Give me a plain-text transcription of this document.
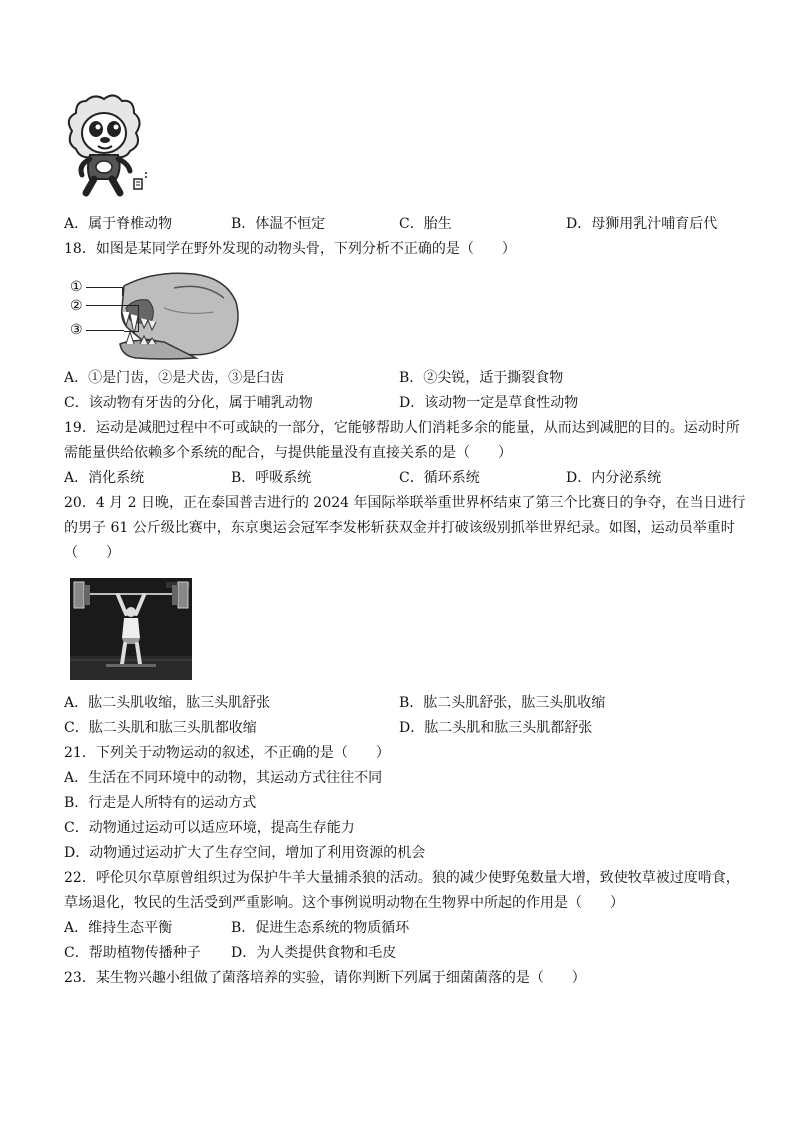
A．属于脊椎动物	B．体温不恒定	C．胎生	D．母狮用乳汁哺育后代
18．如图是某同学在野外发现的动物头骨，下列分析不正确的是（　　）
①
②
③
A．①是门齿，②是犬齿，③是臼齿	B．②尖锐，适于撕裂食物
C．该动物有牙齿的分化，属于哺乳动物	D．该动物一定是草食性动物
19．运动是减肥过程中不可或缺的一部分，它能够帮助人们消耗多余的能量，从而达到减肥的目的。运动时所
需能量供给依赖多个系统的配合，与提供能量没有直接关系的是（　　）
A．消化系统	B．呼吸系统	C．循环系统	D．内分泌系统
20．4 月 2 日晚，正在泰国普吉进行的 2024 年国际举联举重世界杯结束了第三个比赛日的争夺，在当日进行
的男子 61 公斤级比赛中，东京奥运会冠军李发彬斩获双金并打破该级别抓举世界纪录。如图，运动员举重时
（　　）
A．肱二头肌收缩，肱三头肌舒张	B．肱二头肌舒张，肱三头肌收缩
C．肱二头肌和肱三头肌都收缩	D．肱二头肌和肱三头肌都舒张
21．下列关于动物运动的叙述，不正确的是（　　）
A．生活在不同环境中的动物，其运动方式往往不同
B．行走是人所特有的运动方式
C．动物通过运动可以适应环境，提高生存能力
D．动物通过运动扩大了生存空间，增加了利用资源的机会
22．呼伦贝尔草原曾组织过为保护牛羊大量捕杀狼的活动。狼的减少使野兔数量大增，致使牧草被过度啃食，
草场退化，牧民的生活受到严重影响。这个事例说明动物在生物界中所起的作用是（　　）
A．维持生态平衡	B．促进生态系统的物质循环
C．帮助植物传播种子 D．为人类提供食物和毛皮
23．某生物兴趣小组做了菌落培养的实验，请你判断下列属于细菌菌落的是（　　）
